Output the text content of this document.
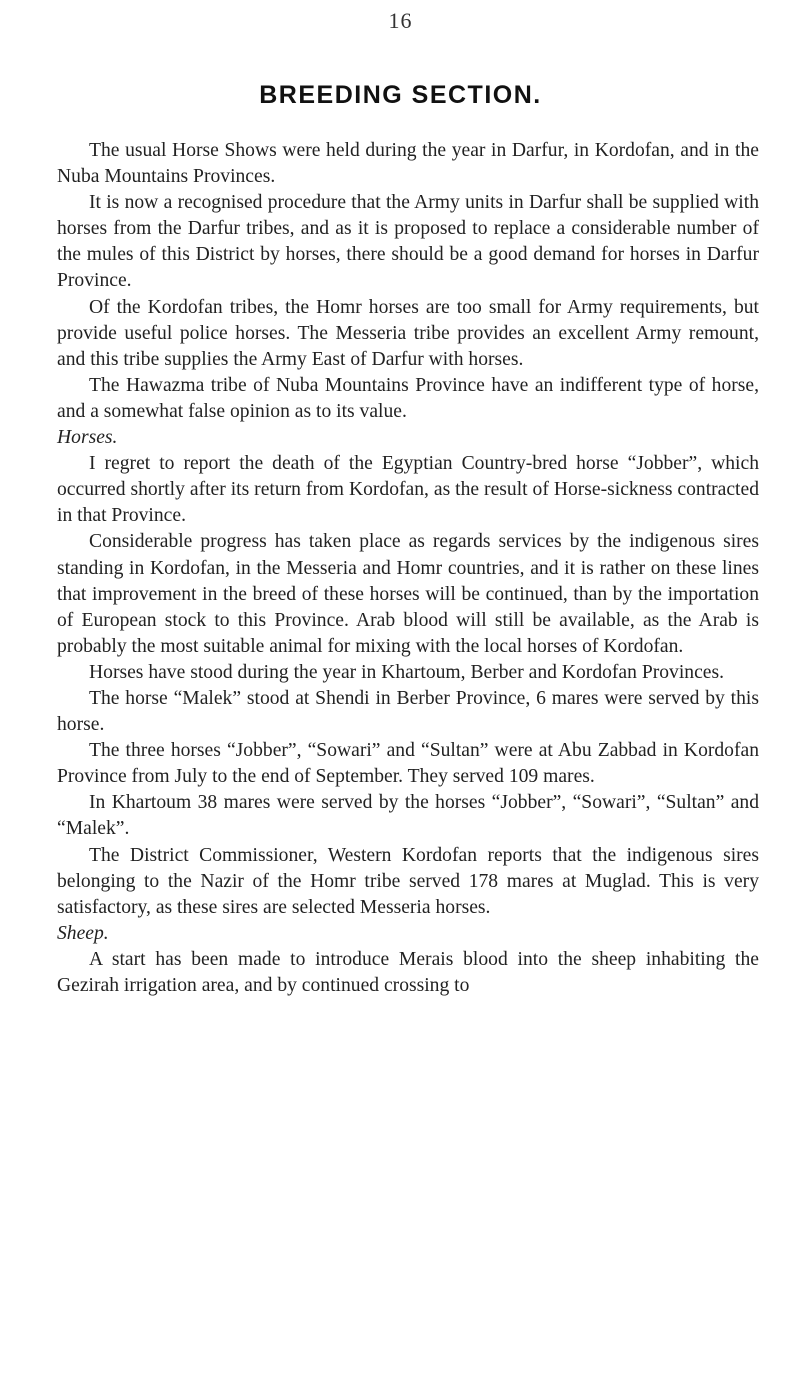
16
BREEDING SECTION.

The usual Horse Shows were held during the year in Darfur, in Kordofan, and in the Nuba Mountains Provinces.

It is now a recognised procedure that the Army units in Darfur shall be supplied with horses from the Darfur tribes, and as it is proposed to replace a considerable number of the mules of this District by horses, there should be a good demand for horses in Darfur Province.

Of the Kordofan tribes, the Homr horses are too small for Army requirements, but provide useful police horses. The Messeria tribe provides an excellent Army remount, and this tribe supplies the Army East of Darfur with horses.

The Hawazma tribe of Nuba Mountains Province have an indifferent type of horse, and a somewhat false opinion as to its value.

Horses.

I regret to report the death of the Egyptian Country-bred horse “Jobber”, which occurred shortly after its return from Kordofan, as the result of Horse-sickness contracted in that Province.

Considerable progress has taken place as regards services by the indigenous sires standing in Kordofan, in the Messeria and Homr countries, and it is rather on these lines that improvement in the breed of these horses will be continued, than by the importation of European stock to this Province. Arab blood will still be available, as the Arab is probably the most suitable animal for mixing with the local horses of Kordofan.

Horses have stood during the year in Khartoum, Berber and Kordofan Provinces.

The horse “Malek” stood at Shendi in Berber Province, 6 mares were served by this horse.

The three horses “Jobber”, “Sowari” and “Sultan” were at Abu Zabbad in Kordofan Province from July to the end of September. They served 109 mares.

In Khartoum 38 mares were served by the horses “Jobber”, “Sowari”, “Sultan” and “Malek”.

The District Commissioner, Western Kordofan reports that the indigenous sires belonging to the Nazir of the Homr tribe served 178 mares at Muglad. This is very satisfactory, as these sires are selected Messeria horses.

Sheep.

A start has been made to introduce Merais blood into the sheep inhabiting the Gezirah irrigation area, and by continued crossing to
